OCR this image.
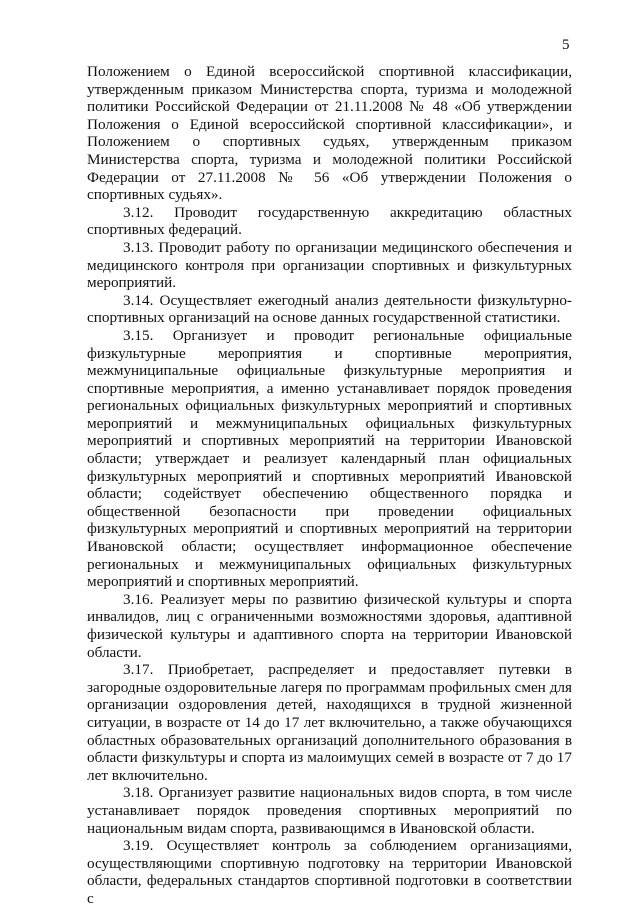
5

Положением о Единой всероссийской спортивной классификации, утвержденным приказом Министерства спорта, туризма и молодежной политики Российской Федерации от 21.11.2008 № 48 «Об утверждении Положения о Единой всероссийской спортивной классификации», и Положением о спортивных судьях, утвержденным приказом Министерства спорта, туризма и молодежной политики Российской Федерации от 27.11.2008 № 56 «Об утверждении Положения о спортивных судьях».

3.12. Проводит государственную аккредитацию областных спортивных федераций.

3.13. Проводит работу по организации медицинского обеспечения и медицинского контроля при организации спортивных и физкультурных мероприятий.

3.14. Осуществляет ежегодный анализ деятельности физкультурно-спортивных организаций на основе данных государственной статистики.

3.15. Организует и проводит региональные официальные физкультурные мероприятия и спортивные мероприятия, межмуниципальные официальные физкультурные мероприятия и спортивные мероприятия, а именно устанавливает порядок проведения региональных официальных физкультурных мероприятий и спортивных мероприятий и межмуниципальных официальных физкультурных мероприятий и спортивных мероприятий на территории Ивановской области; утверждает и реализует календарный план официальных физкультурных мероприятий и спортивных мероприятий Ивановской области; содействует обеспечению общественного порядка и общественной безопасности при проведении официальных физкультурных мероприятий и спортивных мероприятий на территории Ивановской области; осуществляет информационное обеспечение региональных и межмуниципальных официальных физкультурных мероприятий и спортивных мероприятий.

3.16. Реализует меры по развитию физической культуры и спорта инвалидов, лиц с ограниченными возможностями здоровья, адаптивной физической культуры и адаптивного спорта на территории Ивановской области.

3.17. Приобретает, распределяет и предоставляет путевки в загородные оздоровительные лагеря по программам профильных смен для организации оздоровления детей, находящихся в трудной жизненной ситуации, в возрасте от 14 до 17 лет включительно, а также обучающихся областных образовательных организаций дополнительного образования в области физкультуры и спорта из малоимущих семей в возрасте от 7 до 17 лет включительно.

3.18. Организует развитие национальных видов спорта, в том числе устанавливает порядок проведения спортивных мероприятий по национальным видам спорта, развивающимся в Ивановской области.

3.19. Осуществляет контроль за соблюдением организациями, осуществляющими спортивную подготовку на территории Ивановской области, федеральных стандартов спортивной подготовки в соответствии с
